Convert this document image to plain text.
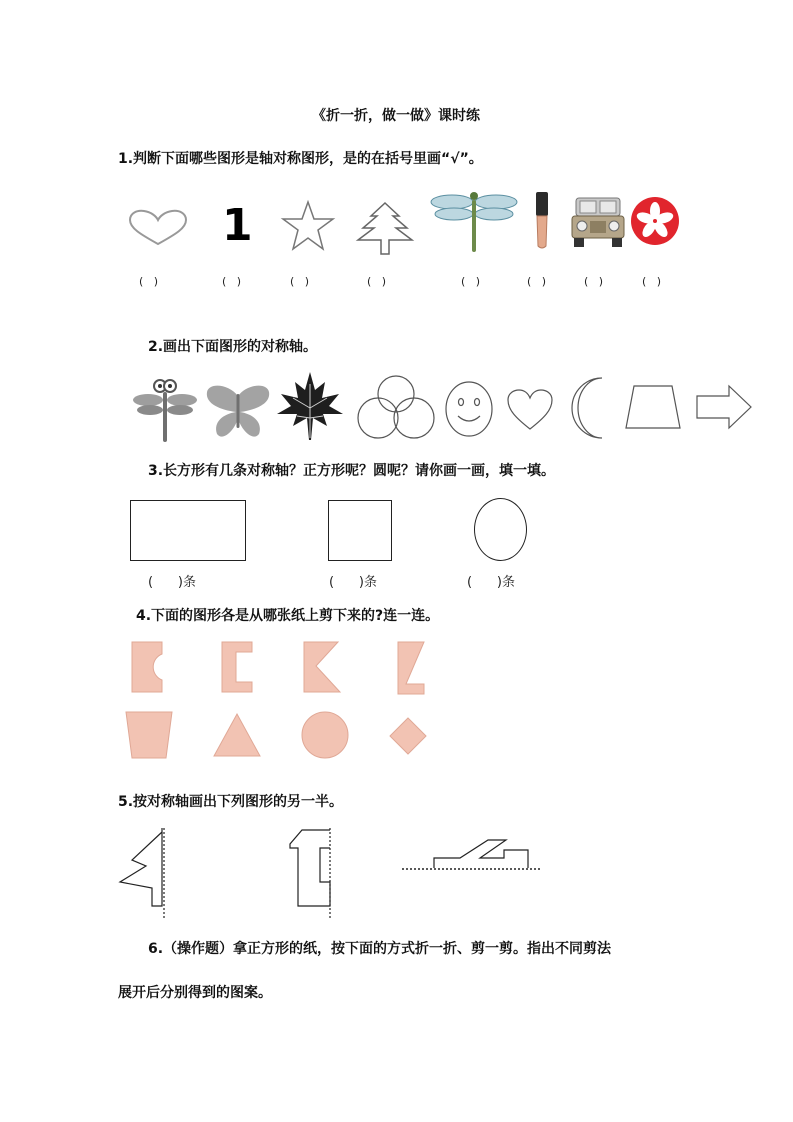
《折一折，做一做》课时练
1.判断下面哪些图形是轴对称图形，是的在括号里画“√”。
1
(   )	(   )	(   )	(   )	(   )	(   )	(   )	(   )
2.画出下面图形的对称轴。
3.长方形有几条对称轴？正方形呢？圆呢？请你画一画，填一填。
(      )条	(      )条	(      )条
4.下面的图形各是从哪张纸上剪下来的?连一连。
5.按对称轴画出下列图形的另一半。
6.（操作题）拿正方形的纸，按下面的方式折一折、剪一剪。指出不同剪法
展开后分别得到的图案。
